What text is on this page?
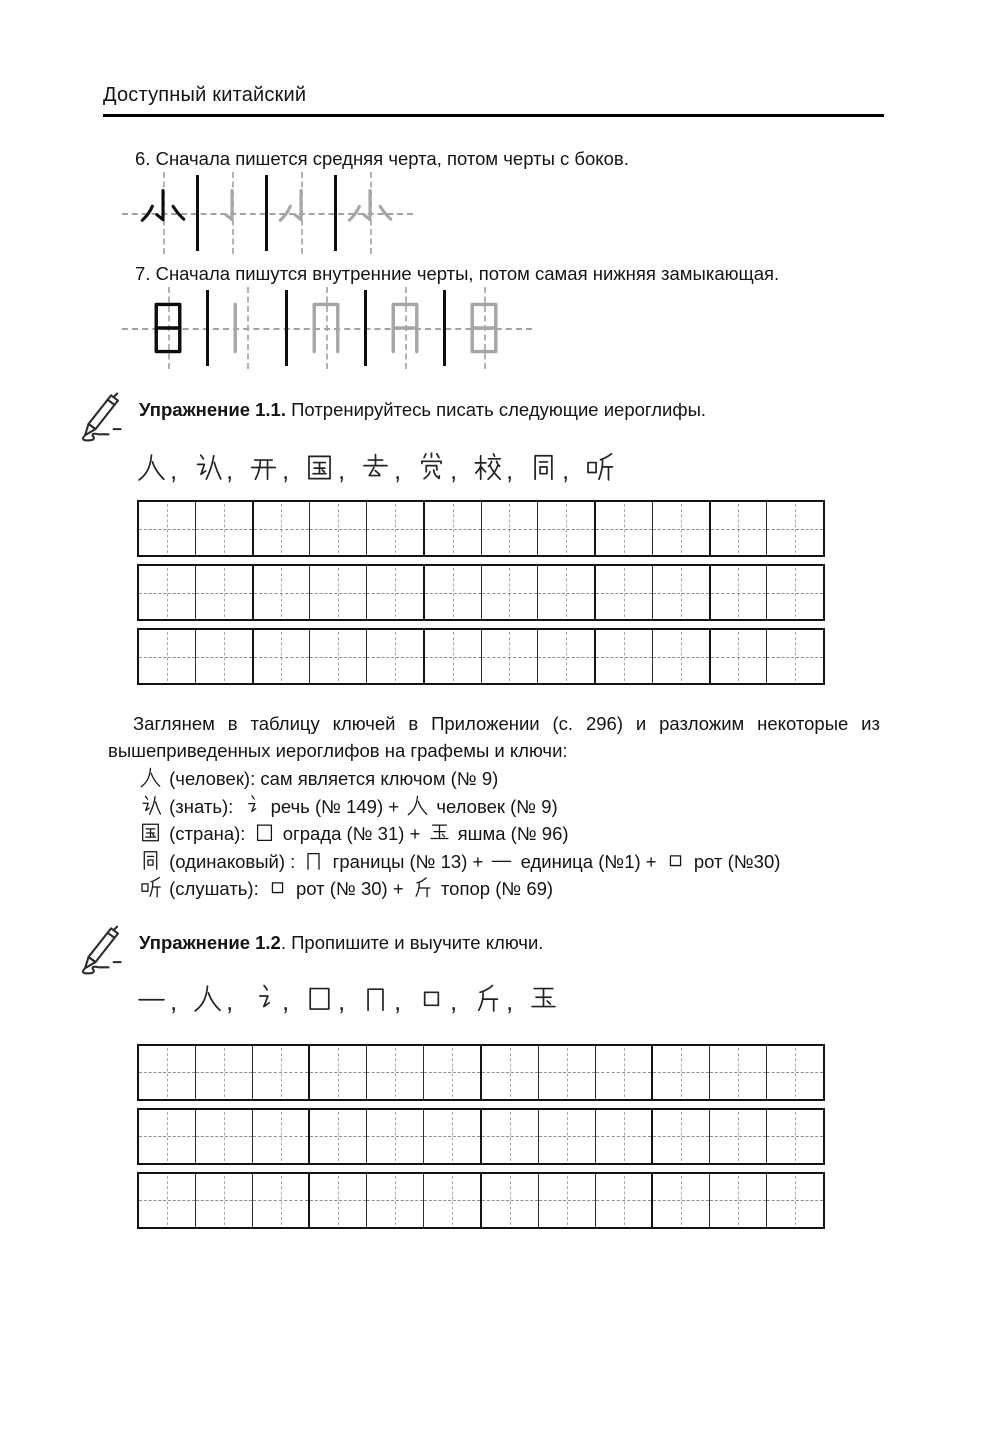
Доступный китайский

6. Сначала пишется средняя черта, потом черты с боков.

7. Сначала пишутся внутренние черты, потом самая нижняя замыкающая.

Упражнение 1.1. Потренируйтесь писать следующие иероглифы.

, , , , , , , ,

Заглянем в таблицу ключей в Приложении (с. 296) и разложим некоторые из вышеприведенных иероглифов на графемы и ключи:

(человек): сам является ключом (№ 9)
(знать):  речь (№ 149) +  человек (№ 9)
(страна):  ограда (№ 31) +  яшма (№ 96)
(одинаковый) :  границы (№ 13) +  единица (№1) +  рот (№30)
(слушать):  рот (№ 30) +  топор (№ 69)

Упражнение 1.2. Пропишите и выучите ключи.

, , , , , , ,
